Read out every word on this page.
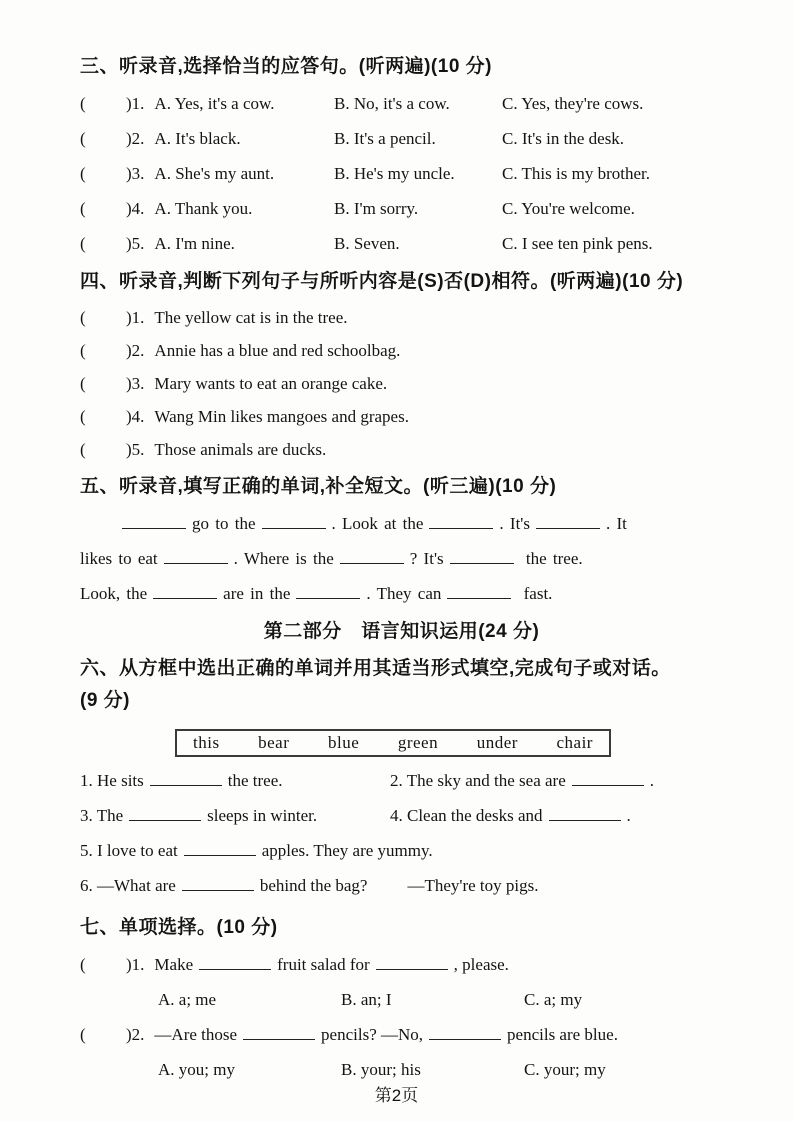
三、听录音,选择恰当的应答句。(听两遍)(10 分)
( )1. A. Yes, it's a cow.	B. No, it's a cow.	C. Yes, they're cows.
( )2. A. It's black.	B. It's a pencil.	C. It's in the desk.
( )3. A. She's my aunt.	B. He's my uncle.	C. This is my brother.
( )4. A. Thank you.	B. I'm sorry.	C. You're welcome.
( )5. A. I'm nine.	B. Seven.	C. I see ten pink pens.
四、听录音,判断下列句子与所听内容是(S)否(D)相符。(听两遍)(10 分)
( )1. The yellow cat is in the tree.
( )2. Annie has a blue and red schoolbag.
( )3. Mary wants to eat an orange cake.
( )4. Wang Min likes mangoes and grapes.
( )5. Those animals are ducks.
五、听录音,填写正确的单词,补全短文。(听三遍)(10 分)
go to the	. Look at the	. It's	. It
likes to eat	. Where is the	? It's	the tree.
Look, the	are in the	. They can	fast.
第二部分　语言知识运用(24 分)
六、从方框中选出正确的单词并用其适当形式填空,完成句子或对话。
(9 分)
this bear blue green under chair
1. He sits	the tree.	2. The sky and the sea are	.
3. The	sleeps in winter.	4. Clean the desks and	.
5. I love to eat	apples. They are yummy.
6. —What are	behind the bag? —They're toy pigs.
七、单项选择。(10 分)
( )1. Make	fruit salad for	, please.
A. a; me	B. an; I	C. a; my
( )2. —Are those	pencils? —No,	pencils are blue.
A. you; my	B. your; his	C. your; my
第2页
